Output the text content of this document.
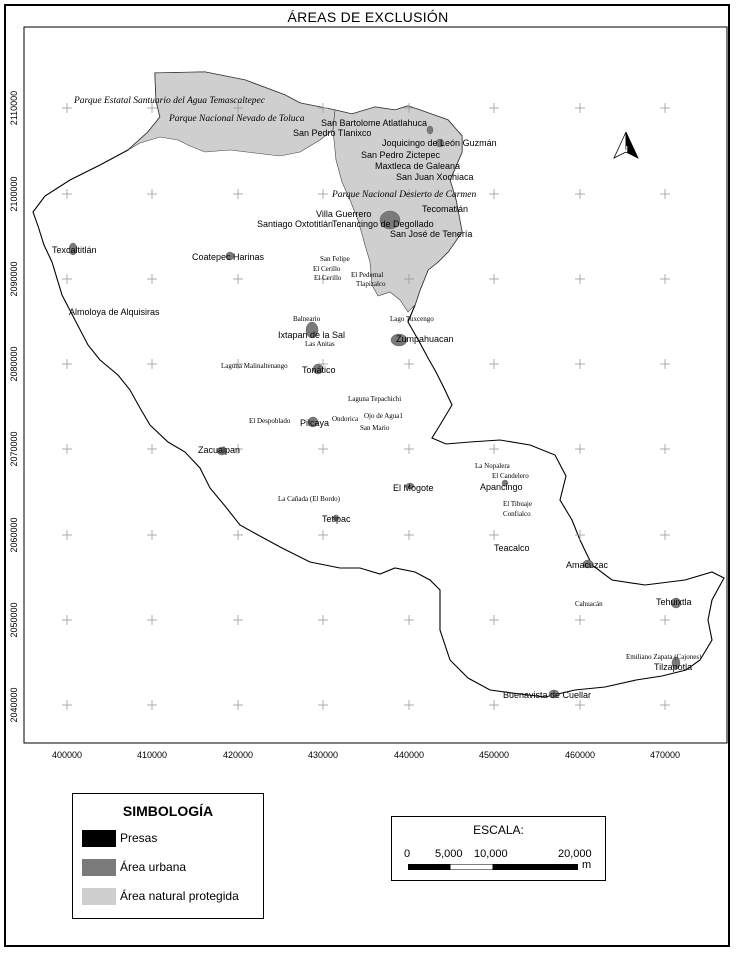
ÁREAS DE EXCLUSIÓN
N
400000	410000	420000	430000	440000	450000	460000	470000
2110000
2100000
2090000
2080000
2070000
2060000
2050000
2040000
Parque Estatal Santuario del Agua Temascaltepec
Parque Nacional Nevado de Toluca
Parque Nacional Desierto de Carmen
San Bartolome Atlatlahuca
San Pedro Tlanixco
Joquicingo de León Guzmán
San Pedro Zictepec
Maxtleca de Galeana
San Juan Xochiaca
Tecomatlán
Villa Guerrero
Santiago Oxtotitlán
Tenancingo de Degollado
San José de Tenería
Texcaltitlán
Coatepec Harinas
Almoloya de Alquisiras
Ixtapan de la Sal	Zumpahuacan
Tonático
Pilcaya
Zacualpan
El Mogote	Apancingo
Tetipac
Teacalco
Amacuzac
Tehuixtla
Tilzapotla
Buenavista de Cuellar
San Felipe
El Cerillo
El Cerillo El Pedernal
Tlapizalco
Balneario
Las Anitas
Lago Tuxcengo
Laguna Malinaltenango
Laguna Tepachichi
El Despoblado	Ondorica Ojo de Agua1
San Mario
La Nopalera
El Candelero
El Tibuaje
Confialco
La Cañada (El Bordo)
Cahuacán
Emiliano Zapata (Cajones)
SIMBOLOGÍA
Presas
Área urbana
Área natural protegida
ESCALA:
0 5,000 10,000	20,000
m
